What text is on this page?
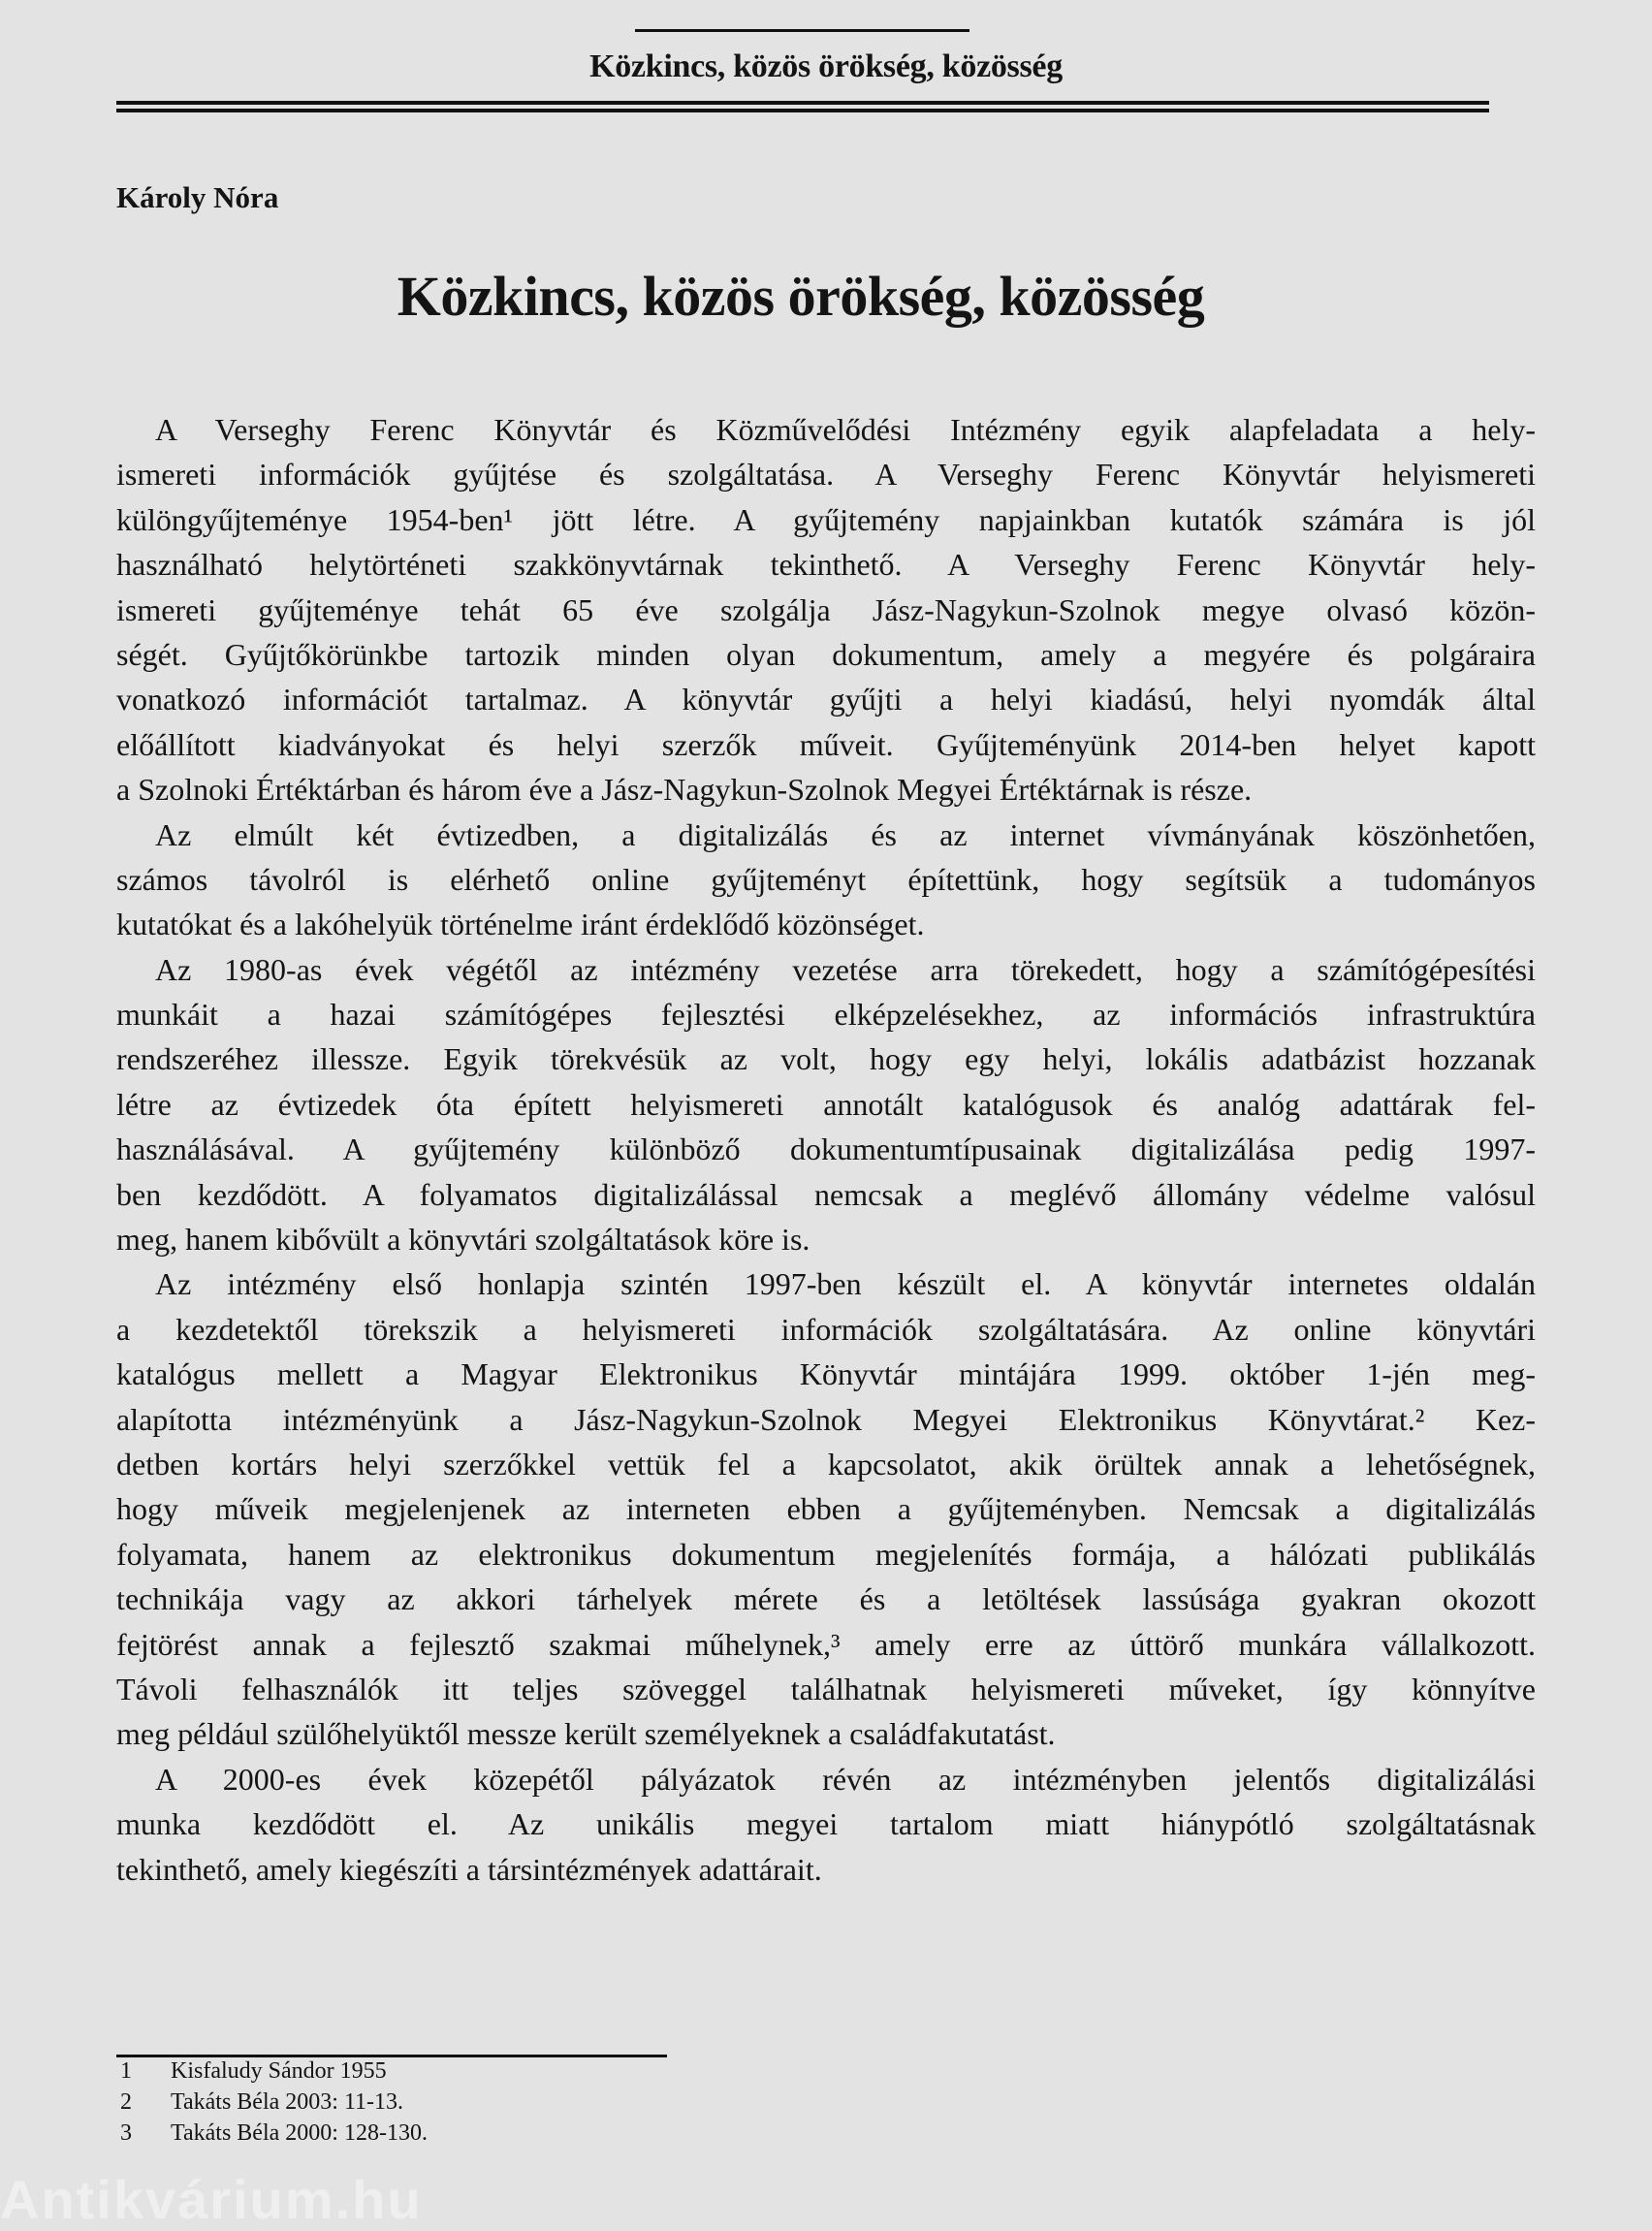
Közkincs, közös örökség, közösség
Károly Nóra
Közkincs, közös örökség, közösség
A Verseghy Ferenc Könyvtár és Közművelődési Intézmény egyik alapfeladata a hely-
ismereti információk gyűjtése és szolgáltatása. A Verseghy Ferenc Könyvtár helyismereti
különgyűjteménye 1954-ben¹ jött létre. A gyűjtemény napjainkban kutatók számára is jól
használható helytörténeti szakkönyvtárnak tekinthető. A Verseghy Ferenc Könyvtár hely-
ismereti gyűjteménye tehát 65 éve szolgálja Jász-Nagykun-Szolnok megye olvasó közön-
ségét. Gyűjtőkörünkbe tartozik minden olyan dokumentum, amely a megyére és polgáraira
vonatkozó információt tartalmaz. A könyvtár gyűjti a helyi kiadású, helyi nyomdák által
előállított kiadványokat és helyi szerzők műveit. Gyűjteményünk 2014-ben helyet kapott
a Szolnoki Értéktárban és három éve a Jász-Nagykun-Szolnok Megyei Értéktárnak is része.
Az elmúlt két évtizedben, a digitalizálás és az internet vívmányának köszönhetően,
számos távolról is elérhető online gyűjteményt építettünk, hogy segítsük a tudományos
kutatókat és a lakóhelyük történelme iránt érdeklődő közönséget.
Az 1980-as évek végétől az intézmény vezetése arra törekedett, hogy a számítógépesítési
munkáit a hazai számítógépes fejlesztési elképzelésekhez, az információs infrastruktúra
rendszeréhez illessze. Egyik törekvésük az volt, hogy egy helyi, lokális adatbázist hozzanak
létre az évtizedek óta épített helyismereti annotált katalógusok és analóg adattárak fel-
használásával. A gyűjtemény különböző dokumentumtípusainak digitalizálása pedig 1997-
ben kezdődött. A folyamatos digitalizálással nemcsak a meglévő állomány védelme valósul
meg, hanem kibővült a könyvtári szolgáltatások köre is.
Az intézmény első honlapja szintén 1997-ben készült el. A könyvtár internetes oldalán
a kezdetektől törekszik a helyismereti információk szolgáltatására. Az online könyvtári
katalógus mellett a Magyar Elektronikus Könyvtár mintájára 1999. október 1-jén meg-
alapította intézményünk a Jász-Nagykun-Szolnok Megyei Elektronikus Könyvtárat.² Kez-
detben kortárs helyi szerzőkkel vettük fel a kapcsolatot, akik örültek annak a lehetőségnek,
hogy műveik megjelenjenek az interneten ebben a gyűjteményben. Nemcsak a digitalizálás
folyamata, hanem az elektronikus dokumentum megjelenítés formája, a hálózati publikálás
technikája vagy az akkori tárhelyek mérete és a letöltések lassúsága gyakran okozott
fejtörést annak a fejlesztő szakmai műhelynek,³ amely erre az úttörő munkára vállalkozott.
Távoli felhasználók itt teljes szöveggel találhatnak helyismereti műveket, így könnyítve
meg például szülőhelyüktől messze került személyeknek a családfakutatást.
A 2000-es évek közepétől pályázatok révén az intézményben jelentős digitalizálási
munka kezdődött el. Az unikális megyei tartalom miatt hiánypótló szolgáltatásnak
tekinthető, amely kiegészíti a társintézmények adattárait.
1	Kisfaludy Sándor 1955
2	Takáts Béla 2003: 11-13.
3	Takáts Béla 2000: 128-130.
Antikvárium.hu
